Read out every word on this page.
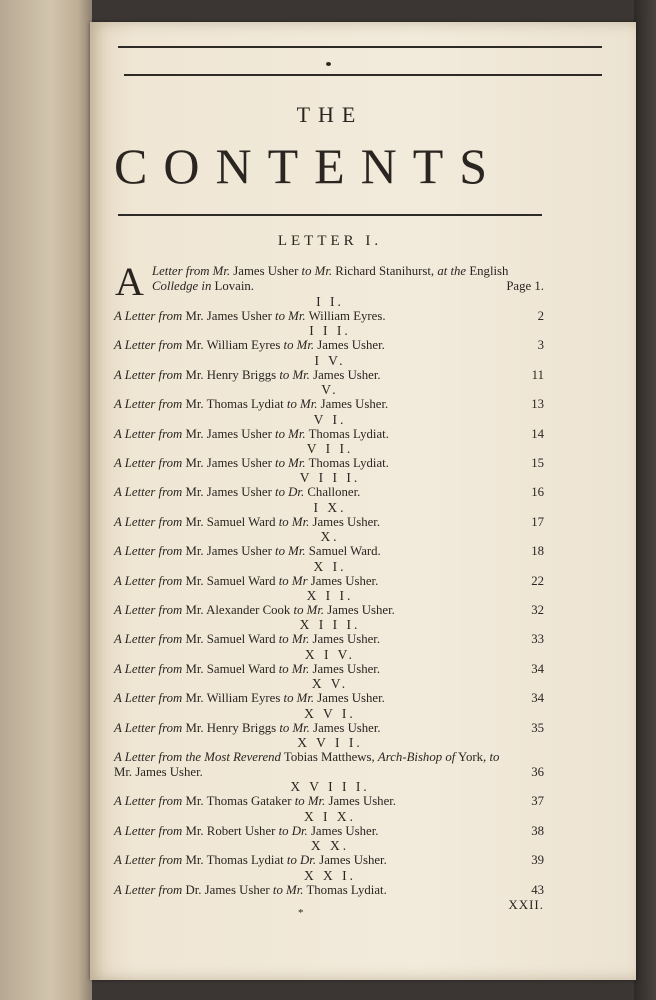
THE
CONTENTS
LETTER I.
A Letter from Mr. James Usher to Mr. Richard Stanihurst, at the English
Colledge in Lovain.	Page 1.
I I.
A Letter from Mr. James Usher to Mr. William Eyres.	2
I I I.
A Letter from Mr. William Eyres to Mr. James Usher.	3
I V.
A Letter from Mr. Henry Briggs to Mr. James Usher.	11
V.
A Letter from Mr. Thomas Lydiat to Mr. James Usher.	13
V I.
A Letter from Mr. James Usher to Mr. Thomas Lydiat.	14
V I I.
A Letter from Mr. James Usher to Mr. Thomas Lydiat.	15
V I I I.
A Letter from Mr. James Usher to Dr. Challoner.	16
I X.
A Letter from Mr. Samuel Ward to Mr. James Usher.	17
X.
A Letter from Mr. James Usher to Mr. Samuel Ward.	18
X I.
A Letter from Mr. Samuel Ward to Mr James Usher.	22
X I I.
A Letter from Mr. Alexander Cook to Mr. James Usher.	32
X I I I.
A Letter from Mr. Samuel Ward to Mr. James Usher.	33
X I V.
A Letter from Mr. Samuel Ward to Mr. James Usher.	34
X V.
A Letter from Mr. William Eyres to Mr. James Usher.	34
X V I.
A Letter from Mr. Henry Briggs to Mr. James Usher.	35
X V I I.
A Letter from the Most Reverend Tobias Matthews, Arch-Bishop of York, to
Mr. James Usher.	36
X V I I I.
A Letter from Mr. Thomas Gataker to Mr. James Usher.	37
X I X.
A Letter from Mr. Robert Usher to Dr. James Usher.	38
X X.
A Letter from Mr. Thomas Lydiat to Dr. James Usher.	39
X X I.
A Letter from Dr. James Usher to Mr. Thomas Lydiat.	43
XXII.
*
